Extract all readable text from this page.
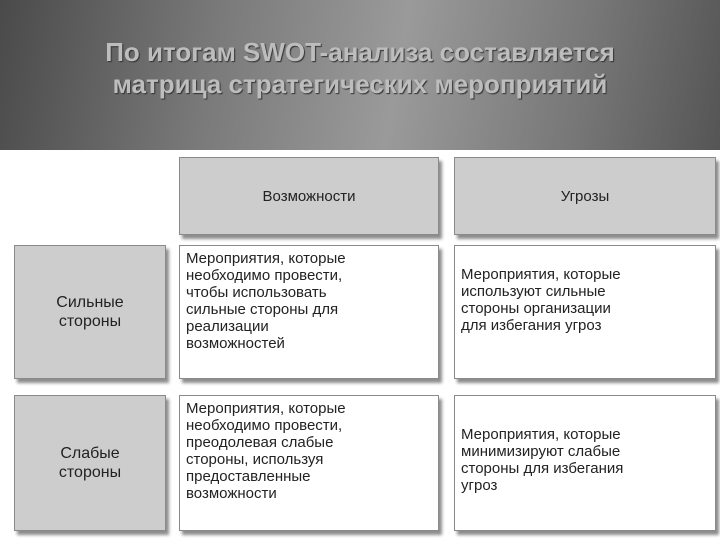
По итогам SWOT-анализа составляется
матрица стратегических мероприятий
Возможности	Угрозы
Сильные
стороны
Слабые
стороны
Мероприятия, которые
необходимо провести,
чтобы использовать
сильные стороны для
реализации
возможностей
Мероприятия, которые
используют сильные
стороны организации
для избегания угроз
Мероприятия, которые
необходимо провести,
преодолевая слабые
стороны, используя
предоставленные
возможности
Мероприятия, которые
минимизируют слабые
стороны для избегания
угроз
